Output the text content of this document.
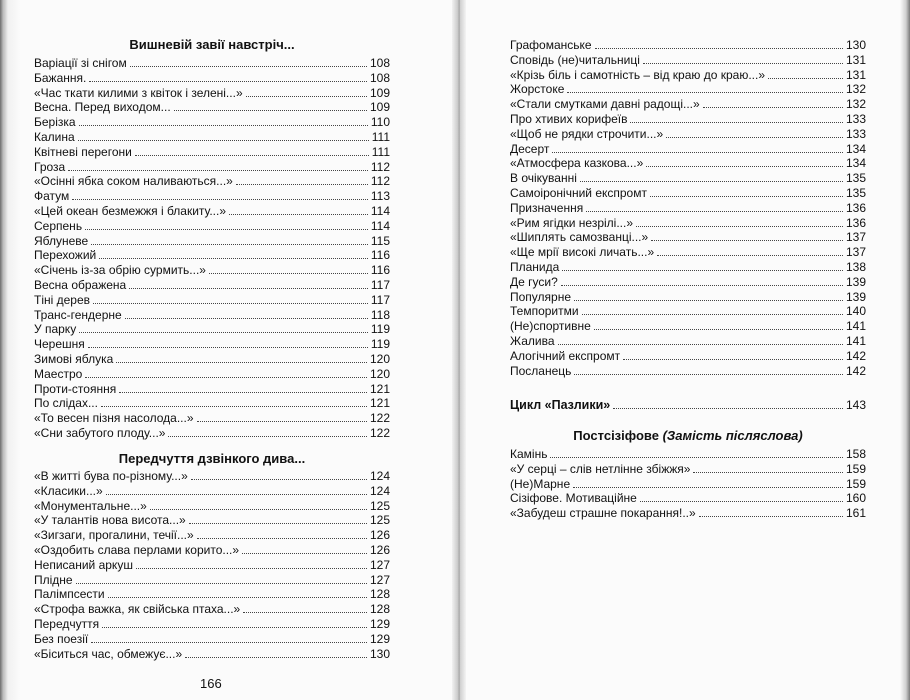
Вишневій завії навстріч...
Варіації зі снігом	108
Бажання.	108
«Час ткати килими з квіток і зелені...»	109
Весна. Перед виходом...	109
Берізка	110
Калина	111
Квітневі перегони	111
Гроза	112
«Осінні ябка соком наливаються...»	112
Фатум	113
«Цей океан безмежжя і блакиту...»	114
Серпень	114
Яблуневе	115
Перехожий	116
«Січень із-за обрію сурмить...»	116
Весна ображена	117
Тіні дерев	117
Транс-гендерне	118
У парку	119
Черешня	119
Зимові яблука	120
Маестро	120
Проти-стояння	121
По слідах...	121
«То весен пізня насолода...»	122
«Сни забутого плоду...»	122
Передчуття дзвінкого дива...
«В житті бува по-різному...»	124
«Класики...»	124
«Монументальне...»	125
«У талантів нова висота...»	125
«Зигзаги, прогалини, течії...»	126
«Оздобить слава перлами корито...»	126
Неписаний аркуш	127
Плідне	127
Палімпсести	128
«Строфа важка, як свійська птаха...»	128
Передчуття	129
Без поезії	129
«Біситься час, обмежує...»	130
166
Графоманське	130
Сповідь (не)читальниці	131
«Крізь біль і самотність – від краю до краю...»	131
Жорстоке	132
«Стали смутками давні радощі...»	132
Про хтивих корифеїв	133
«Щоб не рядки строчити...»	133
Десерт	134
«Атмосфера казкова...»	134
В очікуванні	135
Самоіронічний експромт	135
Призначення	136
«Рим ягідки незрілі...»	136
«Шиплять самозванці...»	137
«Ще мрії високі личать...»	137
Планида	138
Де гуси?	139
Популярне	139
Темпоритми	140
(Не)спортивне	141
Жалива	141
Алогічний експромт	142
Посланець	142
Цикл «Пазлики»	143
Постсізіфове (Замість післяслова)
Камінь	158
«У серці – слів нетлінне збіжжя»	159
(Не)Марне	159
Сізіфове. Мотиваційне	160
«Забудеш страшне покарання!..»	161
